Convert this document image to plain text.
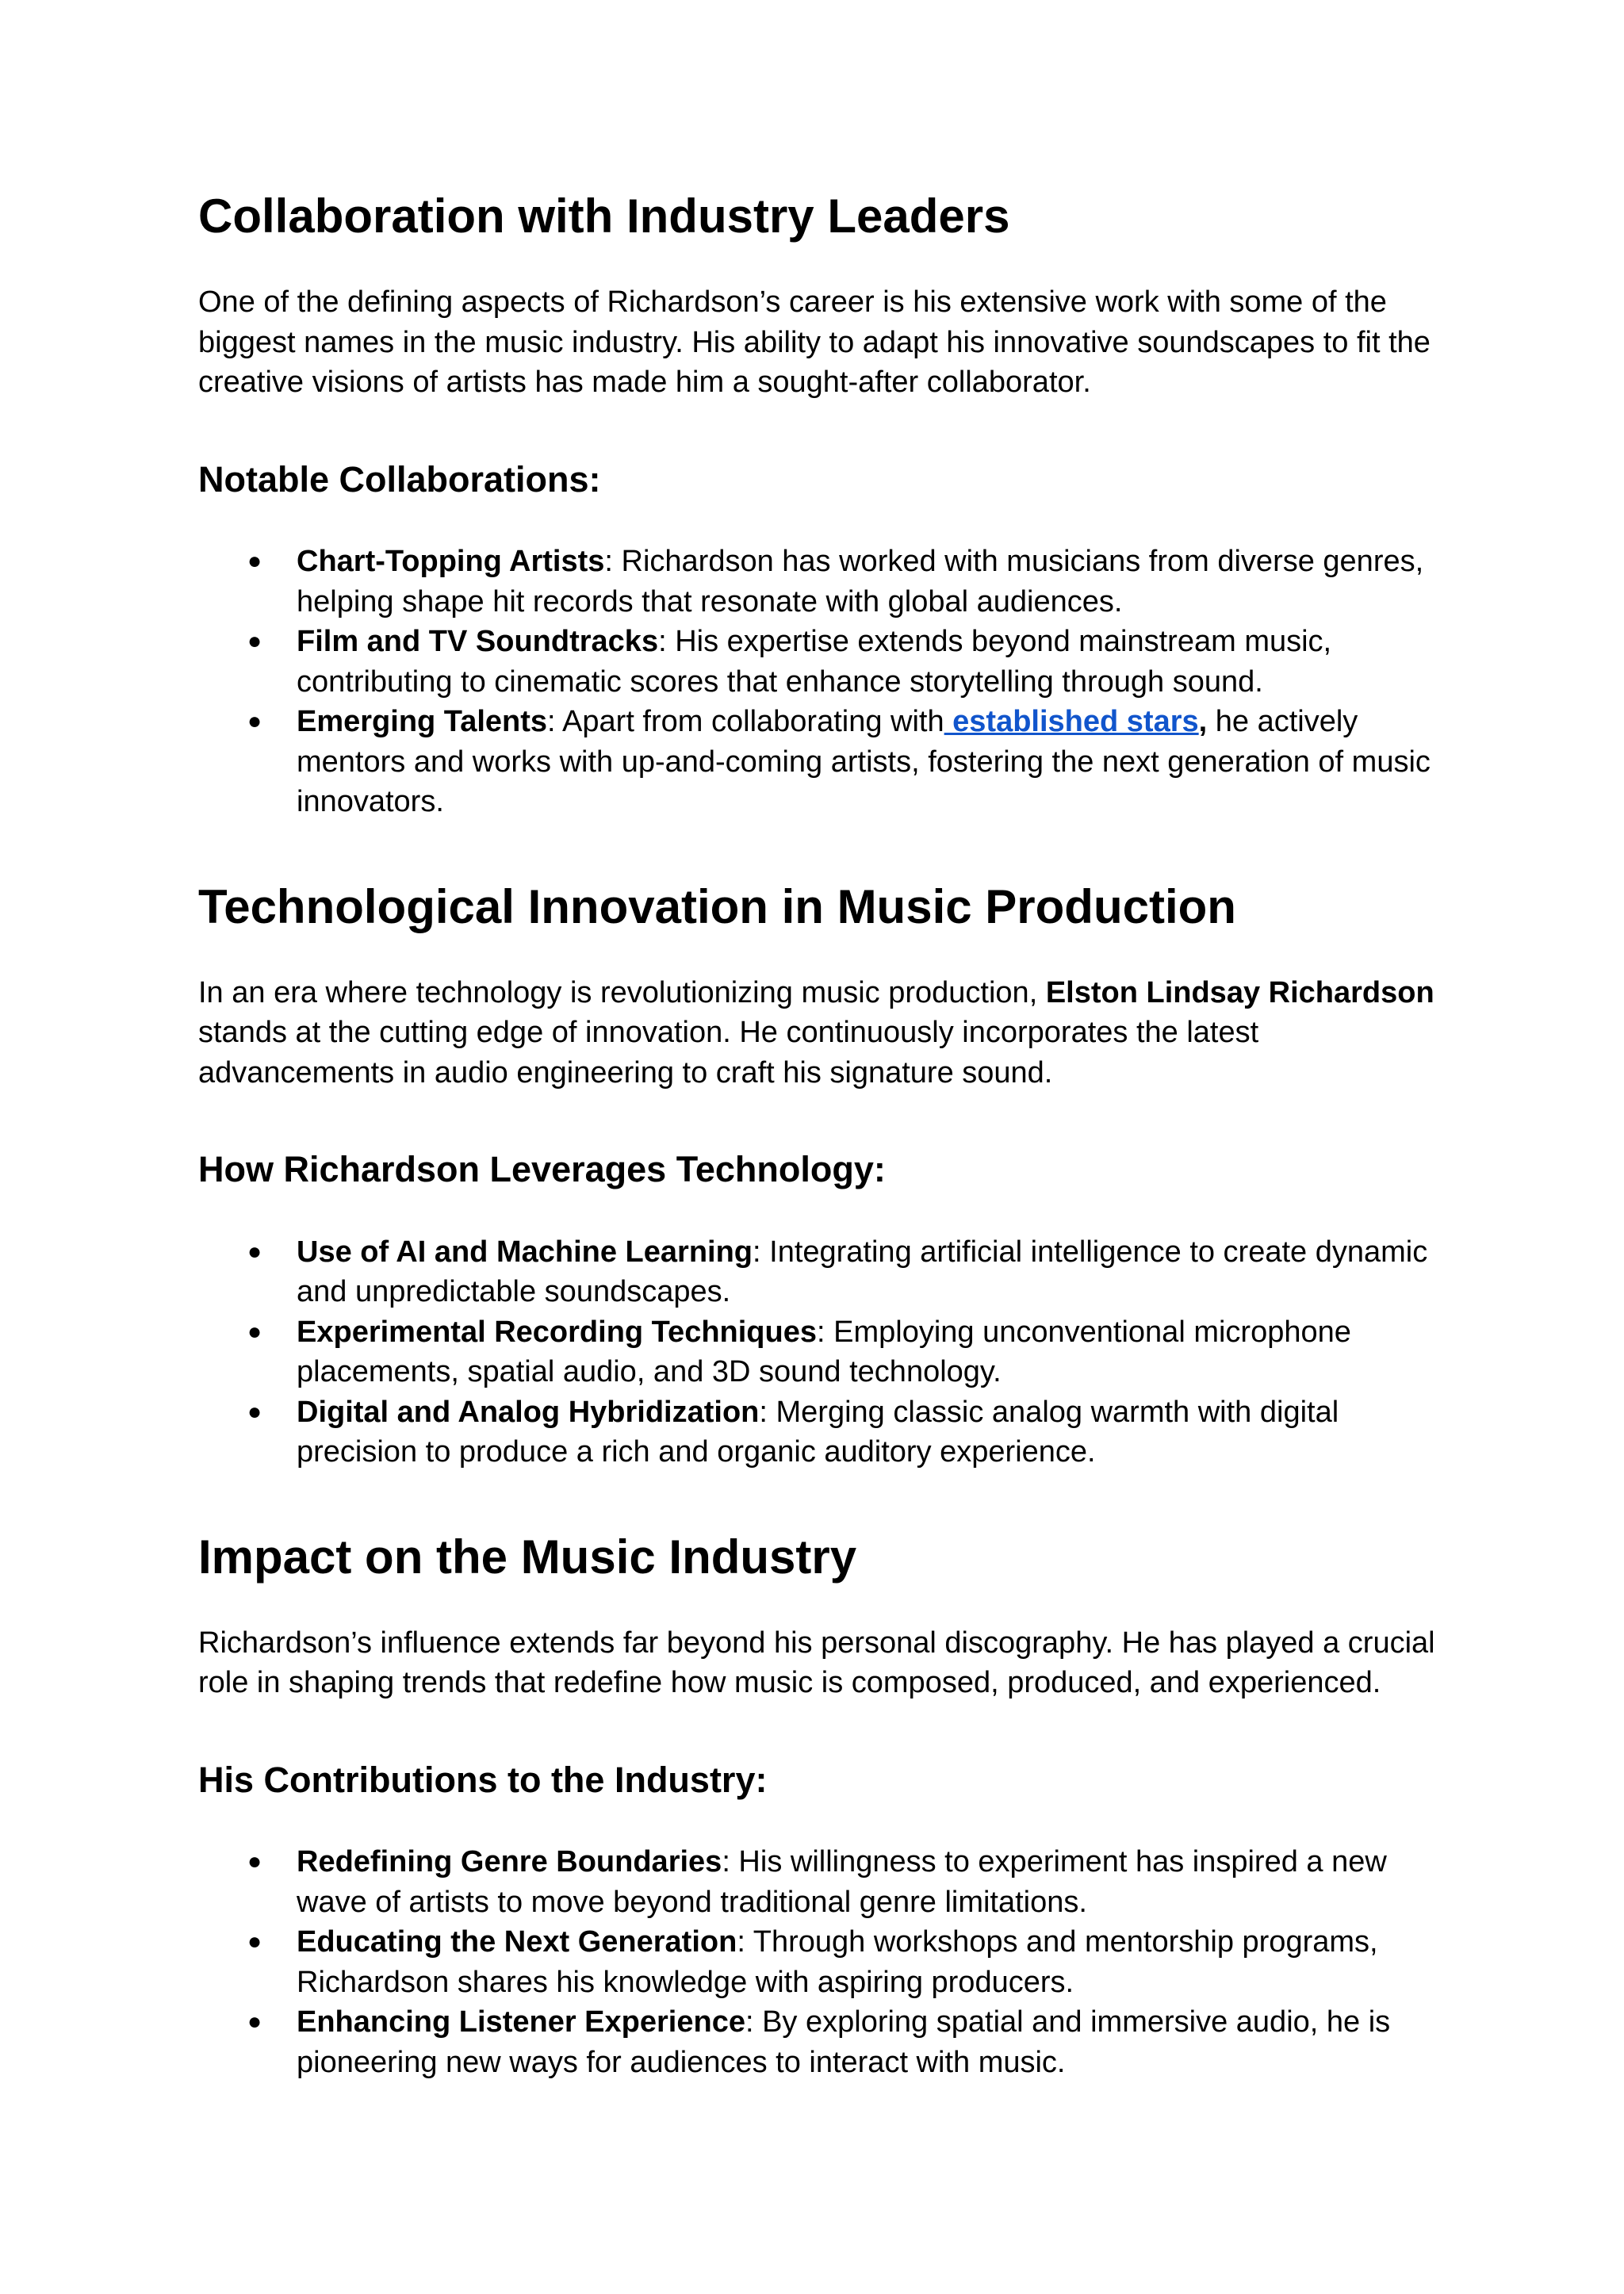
Collaboration with Industry Leaders

One of the defining aspects of Richardson’s career is his extensive work with some of the biggest names in the music industry. His ability to adapt his innovative soundscapes to fit the creative visions of artists has made him a sought-after collaborator.

Notable Collaborations:
● Chart-Topping Artists: Richardson has worked with musicians from diverse genres, helping shape hit records that resonate with global audiences.
● Film and TV Soundtracks: His expertise extends beyond mainstream music, contributing to cinematic scores that enhance storytelling through sound.
● Emerging Talents: Apart from collaborating with established stars, he actively mentors and works with up-and-coming artists, fostering the next generation of music innovators.
Technological Innovation in Music Production

In an era where technology is revolutionizing music production, Elston Lindsay Richardson stands at the cutting edge of innovation. He continuously incorporates the latest advancements in audio engineering to craft his signature sound.

How Richardson Leverages Technology:
● Use of AI and Machine Learning: Integrating artificial intelligence to create dynamic and unpredictable soundscapes.
● Experimental Recording Techniques: Employing unconventional microphone placements, spatial audio, and 3D sound technology.
● Digital and Analog Hybridization: Merging classic analog warmth with digital precision to produce a rich and organic auditory experience.
Impact on the Music Industry

Richardson’s influence extends far beyond his personal discography. He has played a crucial role in shaping trends that redefine how music is composed, produced, and experienced.

His Contributions to the Industry:
● Redefining Genre Boundaries: His willingness to experiment has inspired a new wave of artists to move beyond traditional genre limitations.
● Educating the Next Generation: Through workshops and mentorship programs, Richardson shares his knowledge with aspiring producers.
● Enhancing Listener Experience: By exploring spatial and immersive audio, he is pioneering new ways for audiences to interact with music.
